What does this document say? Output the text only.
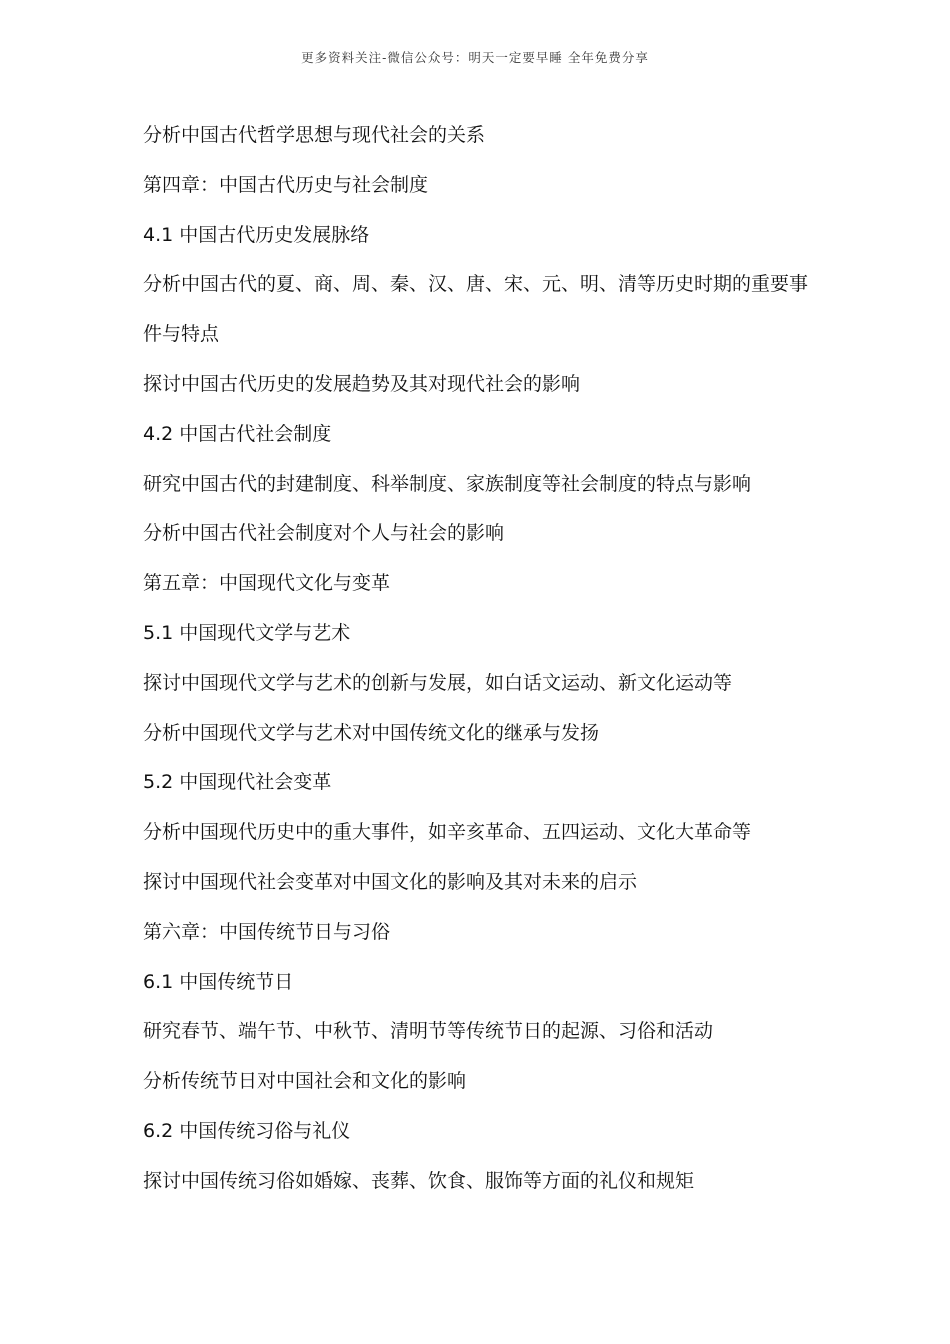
更多资料关注-微信公众号：明天一定要早睡 全年免费分享
分析中国古代哲学思想与现代社会的关系
第四章：中国古代历史与社会制度
4.1 中国古代历史发展脉络
分析中国古代的夏、商、周、秦、汉、唐、宋、元、明、清等历史时期的重要事
件与特点
探讨中国古代历史的发展趋势及其对现代社会的影响
4.2 中国古代社会制度
研究中国古代的封建制度、科举制度、家族制度等社会制度的特点与影响
分析中国古代社会制度对个人与社会的影响
第五章：中国现代文化与变革
5.1 中国现代文学与艺术
探讨中国现代文学与艺术的创新与发展，如白话文运动、新文化运动等
分析中国现代文学与艺术对中国传统文化的继承与发扬
5.2 中国现代社会变革
分析中国现代历史中的重大事件，如辛亥革命、五四运动、文化大革命等
探讨中国现代社会变革对中国文化的影响及其对未来的启示
第六章：中国传统节日与习俗
6.1 中国传统节日
研究春节、端午节、中秋节、清明节等传统节日的起源、习俗和活动
分析传统节日对中国社会和文化的影响
6.2 中国传统习俗与礼仪
探讨中国传统习俗如婚嫁、丧葬、饮食、服饰等方面的礼仪和规矩
